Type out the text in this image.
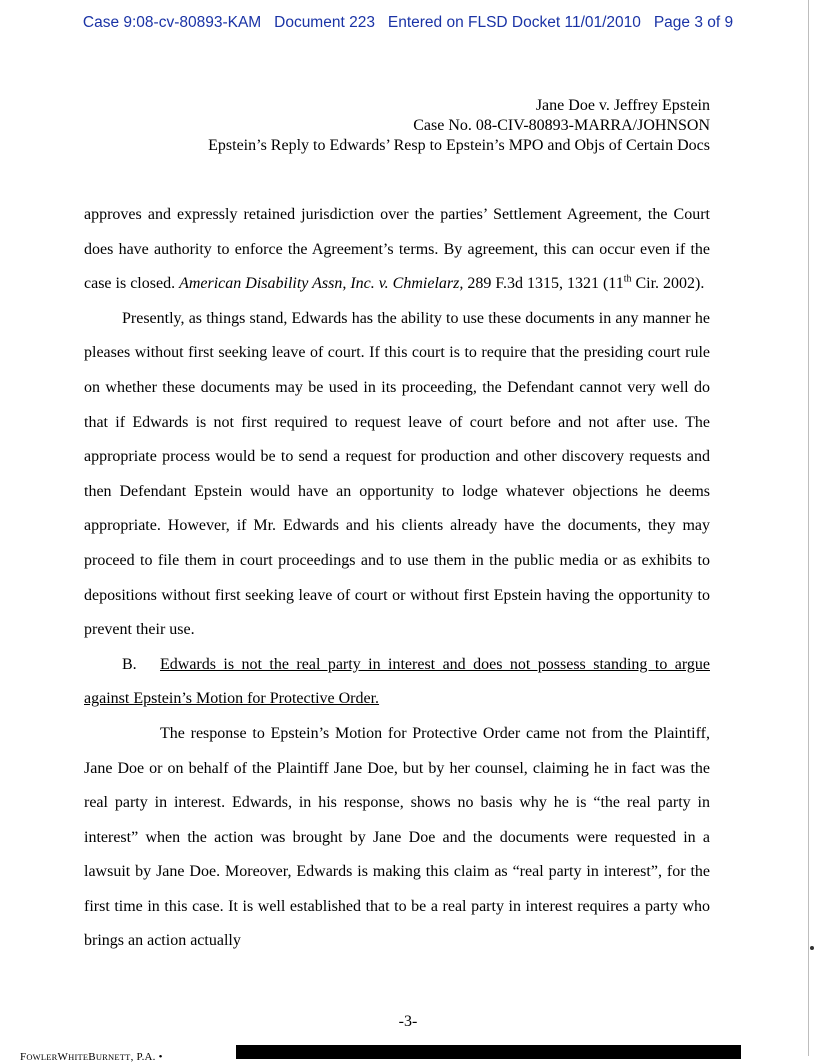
Case 9:08-cv-80893-KAM   Document 223   Entered on FLSD Docket 11/01/2010   Page 3 of 9
Jane Doe v. Jeffrey Epstein
Case No. 08-CIV-80893-MARRA/JOHNSON
Epstein’s Reply to Edwards’ Resp to Epstein’s MPO and Objs of Certain Docs

approves and expressly retained jurisdiction over the parties’ Settlement Agreement, the Court does have authority to enforce the Agreement’s terms. By agreement, this can occur even if the case is closed. American Disability Assn, Inc. v. Chmielarz, 289 F.3d 1315, 1321 (11th Cir. 2002).

Presently, as things stand, Edwards has the ability to use these documents in any manner he pleases without first seeking leave of court. If this court is to require that the presiding court rule on whether these documents may be used in its proceeding, the Defendant cannot very well do that if Edwards is not first required to request leave of court before and not after use. The appropriate process would be to send a request for production and other discovery requests and then Defendant Epstein would have an opportunity to lodge whatever objections he deems appropriate. However, if Mr. Edwards and his clients already have the documents, they may proceed to file them in court proceedings and to use them in the public media or as exhibits to depositions without first seeking leave of court or without first Epstein having the opportunity to prevent their use.

B. Edwards is not the real party in interest and does not possess standing to argue against Epstein’s Motion for Protective Order.

The response to Epstein’s Motion for Protective Order came not from the Plaintiff, Jane Doe or on behalf of the Plaintiff Jane Doe, but by her counsel, claiming he in fact was the real party in interest. Edwards, in his response, shows no basis why he is “the real party in interest” when the action was brought by Jane Doe and the documents were requested in a lawsuit by Jane Doe. Moreover, Edwards is making this claim as “real party in interest”, for the first time in this case. It is well established that to be a real party in interest requires a party who brings an action actually

-3-
F OWLER W HITE B URNETT , P.A. •
